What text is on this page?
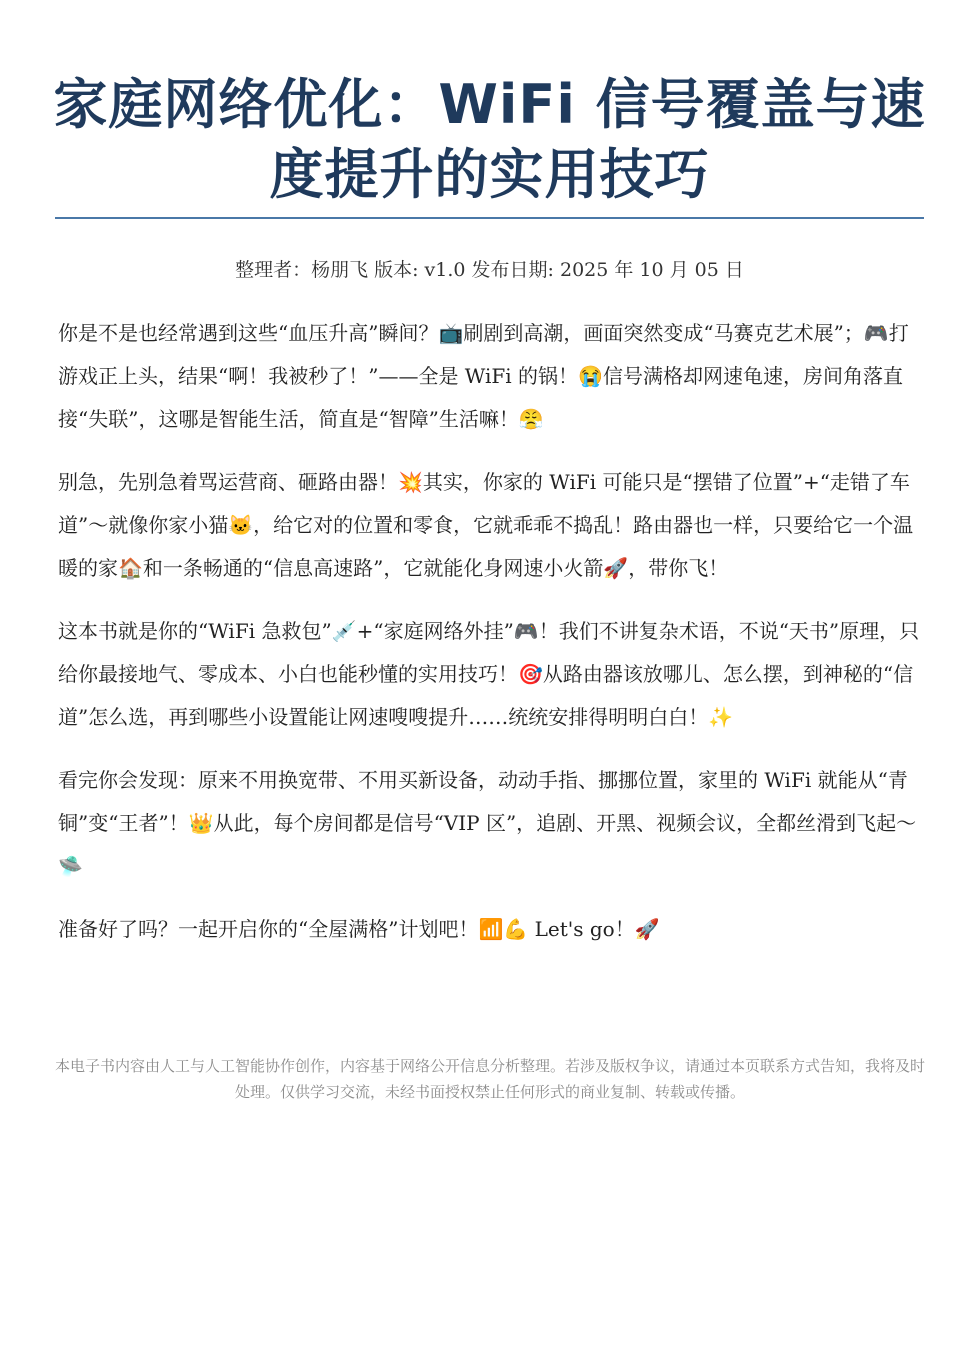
家庭网络优化：WiFi 信号覆盖与速度提升的实用技巧
整理者：杨朋飞 版本: v1.0 发布日期: 2025 年 10 月 05 日

你是不是也经常遇到这些“血压升高”瞬间？📺刷剧到高潮，画面突然变成“马赛克艺术展”；🎮打游戏正上头，结果“啊！我被秒了！”——全是 WiFi 的锅！😭信号满格却网速龟速，房间角落直接“失联”，这哪是智能生活，简直是“智障”生活嘛！😤

别急，先别急着骂运营商、砸路由器！💥其实，你家的 WiFi 可能只是“摆错了位置”+“走错了车道”～就像你家小猫🐱，给它对的位置和零食，它就乖乖不捣乱！路由器也一样，只要给它一个温暖的家🏠和一条畅通的“信息高速路”，它就能化身网速小火箭🚀，带你飞！

这本书就是你的“WiFi 急救包”💉+“家庭网络外挂”🎮！我们不讲复杂术语，不说“天书”原理，只给你最接地气、零成本、小白也能秒懂的实用技巧！🎯从路由器该放哪儿、怎么摆，到神秘的“信道”怎么选，再到哪些小设置能让网速嗖嗖提升……统统安排得明明白白！✨

看完你会发现：原来不用换宽带、不用买新设备，动动手指、挪挪位置，家里的 WiFi 就能从“青铜”变“王者”！👑从此，每个房间都是信号“VIP 区”，追剧、开黑、视频会议，全都丝滑到飞起～🛸

准备好了吗？一起开启你的“全屋满格”计划吧！📶💪 Let's go！🚀

本电子书内容由人工与人工智能协作创作，内容基于网络公开信息分析整理。若涉及版权争议，请通过本页联系方式告知，我将及时处理。仅供学习交流，未经书面授权禁止任何形式的商业复制、转载或传播。
